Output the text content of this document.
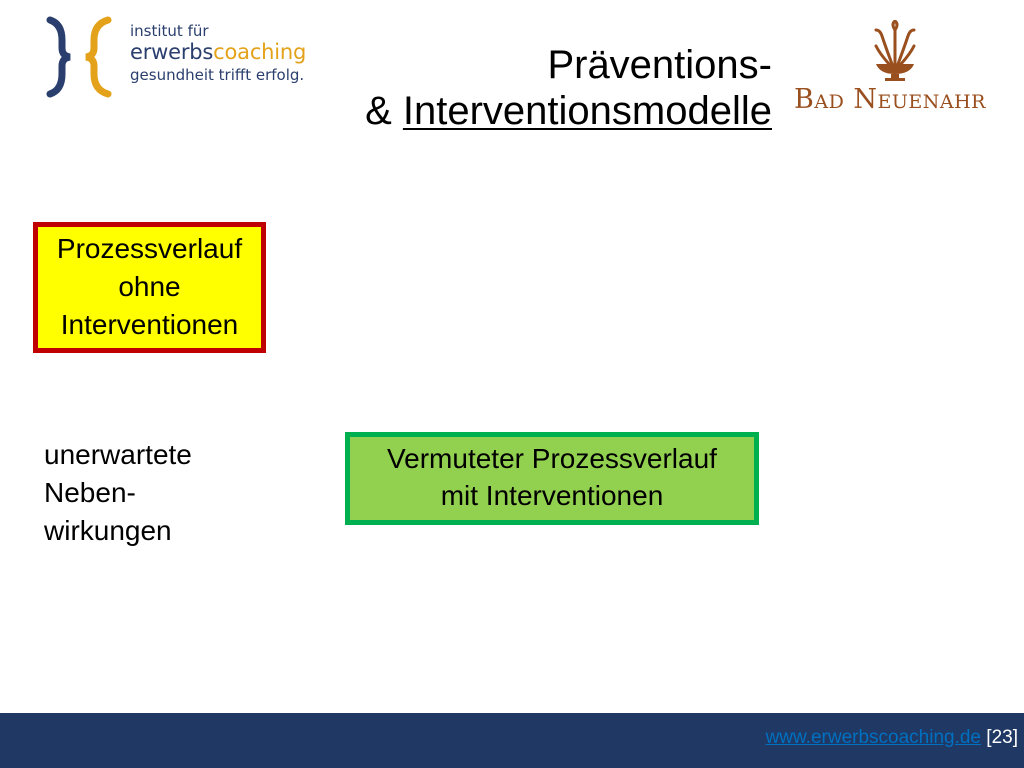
institut für
erwerbscoaching
gesundheit trifft erfolg.	Präventions-
& Interventionsmodelle Bad Neuenahr
Prozessverlauf
ohne
Interventionen
unerwartete
Neben-
wirkungen
Vermuteter Prozessverlauf
mit Interventionen
www.erwerbscoaching.de [23]
